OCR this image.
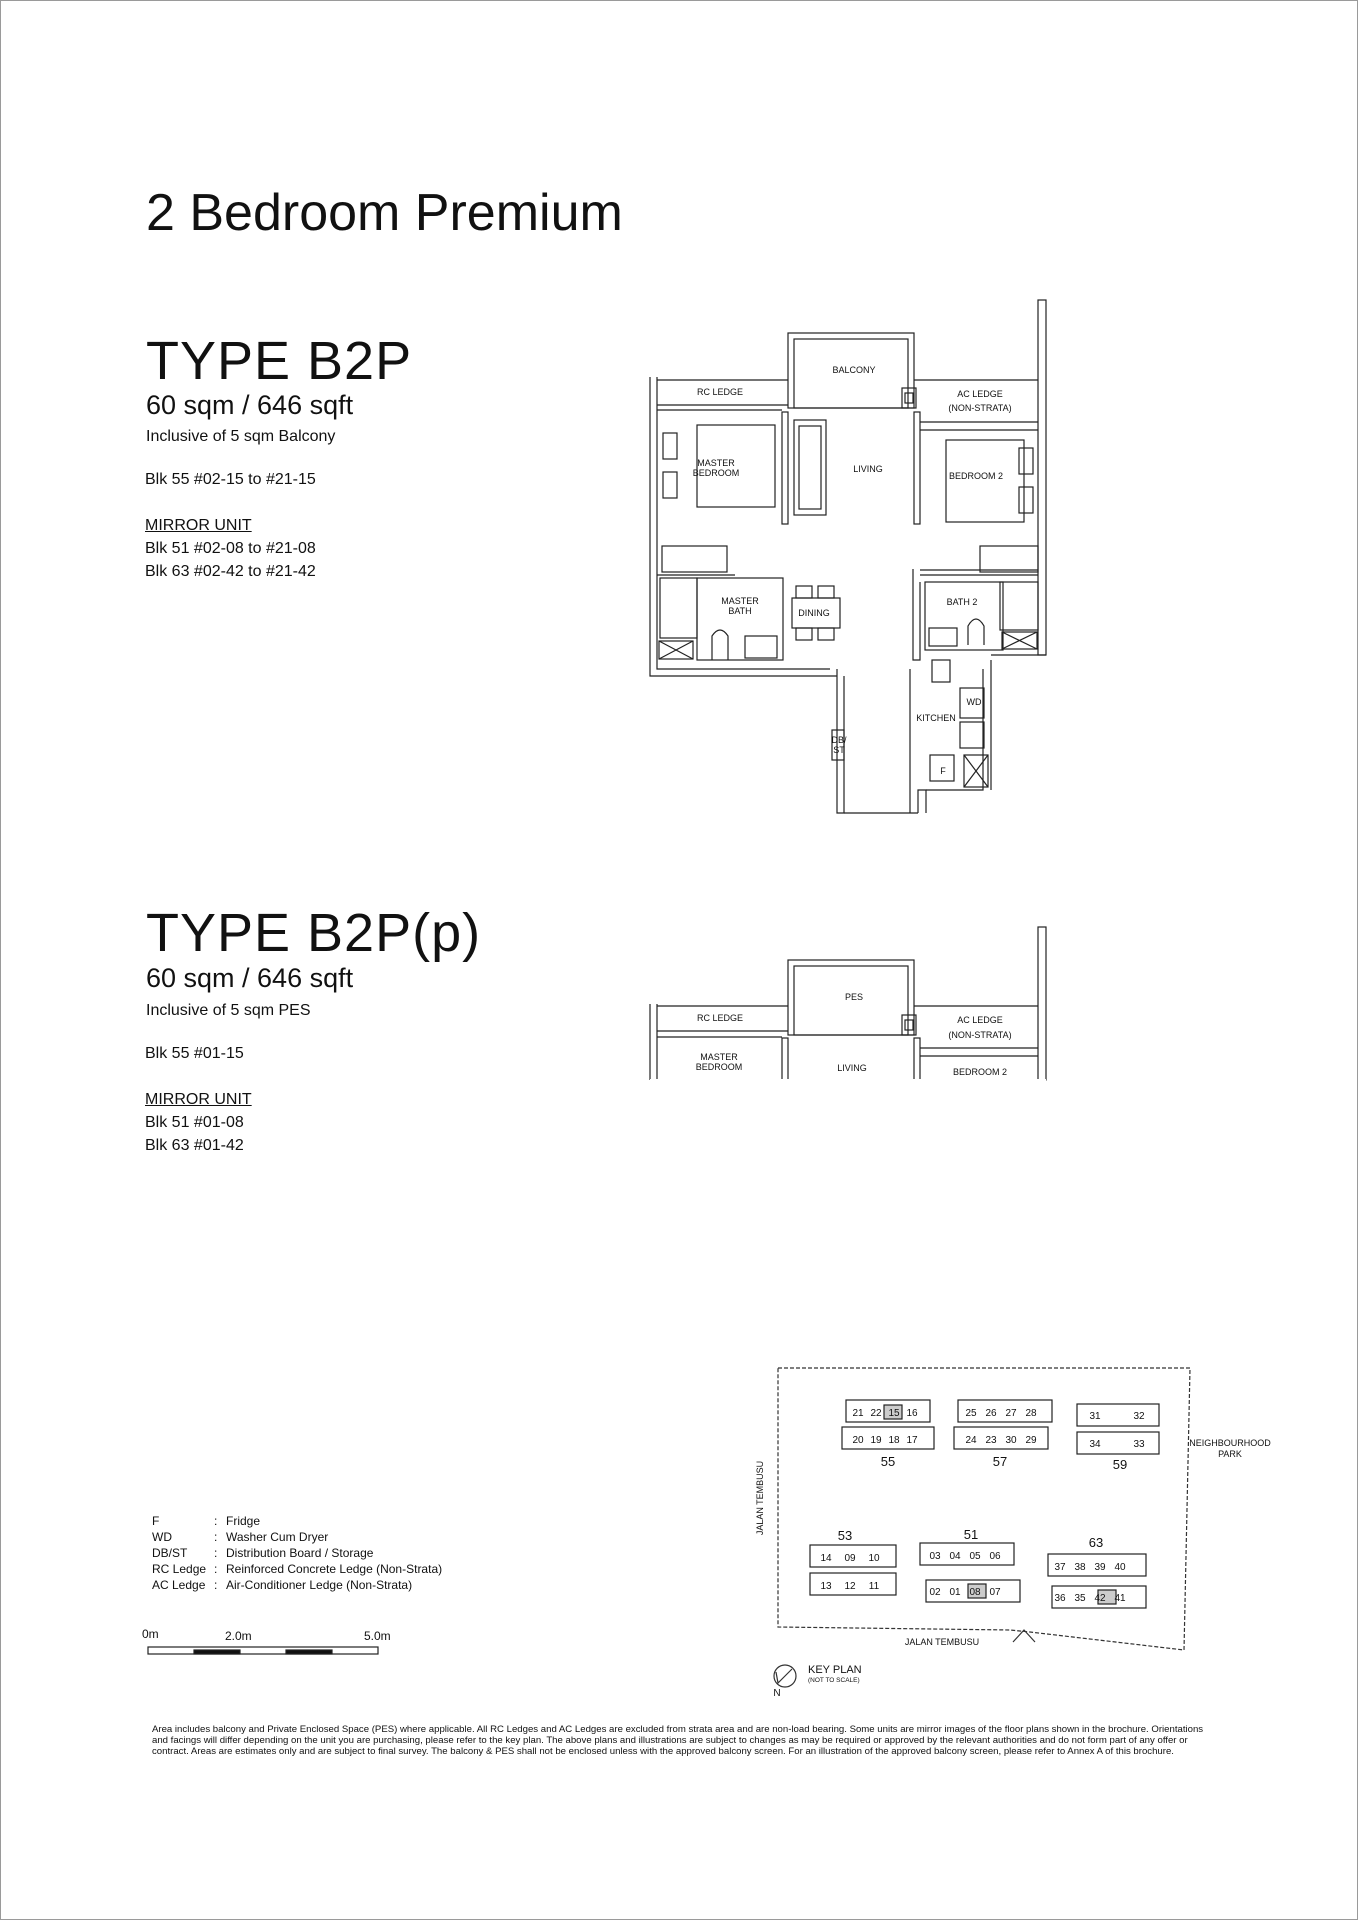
2 Bedroom Premium
TYPE B2P
60 sqm / 646 sqft
Inclusive of 5 sqm Balcony
Blk 55 #02-15 to #21-15
MIRROR UNIT
Blk 51 #02-08 to #21-08
Blk 63 #02-42 to #21-42
TYPE B2P(p)
60 sqm / 646 sqft
Inclusive of 5 sqm PES
Blk 55 #01-15
MIRROR UNIT
Blk 51 #01-08
Blk 63 #01-42
RC LEDGE
BALCONY
AC LEDGE
(NON-STRATA)
MASTER
BEDROOM	LIVING
BEDROOM 2
MASTER
BATH	DINING
BATH 2
KITCHEN
WD
DB/
ST
F
RC LEDGE
PES
AC LEDGE
(NON-STRATA)
MASTER
BEDROOM	LIVING	BEDROOM 2
JALAN TEMBUSU
JALAN TEMBUSU
NEIGHBOURHOOD
PARK
N
21 22 15 16
20 19 18 17
55
25 26 27 28
24 23 30 29
57
31	32
34	33
59
14 09 10
13 12 11
53
03 04 05 06
02 01 08 07
51
37 38 39 40
36 35 42 41
63
F	: Fridge
WD	: Washer Cum Dryer
DB/ST	: Distribution Board / Storage
RC Ledge : Reinforced Concrete Ledge (Non-Strata)
AC Ledge : Air-Conditioner Ledge (Non-Strata)
0m	2.0m	5.0m
KEY PLAN
(NOT TO SCALE)
Area includes balcony and Private Enclosed Space (PES) where applicable. All RC Ledges and AC Ledges are excluded from strata area and are non-load bearing. Some units are mirror images of the floor plans shown in the brochure. Orientations and facings will differ depending on the unit you are purchasing, please refer to the key plan. The above plans and illustrations are subject to changes as may be required or approved by the relevant authorities and do not form part of any offer or contract. Areas are estimates only and are subject to final survey. The balcony & PES shall not be enclosed unless with the approved balcony screen. For an illustration of the approved balcony screen, please refer to Annex A of this brochure.
